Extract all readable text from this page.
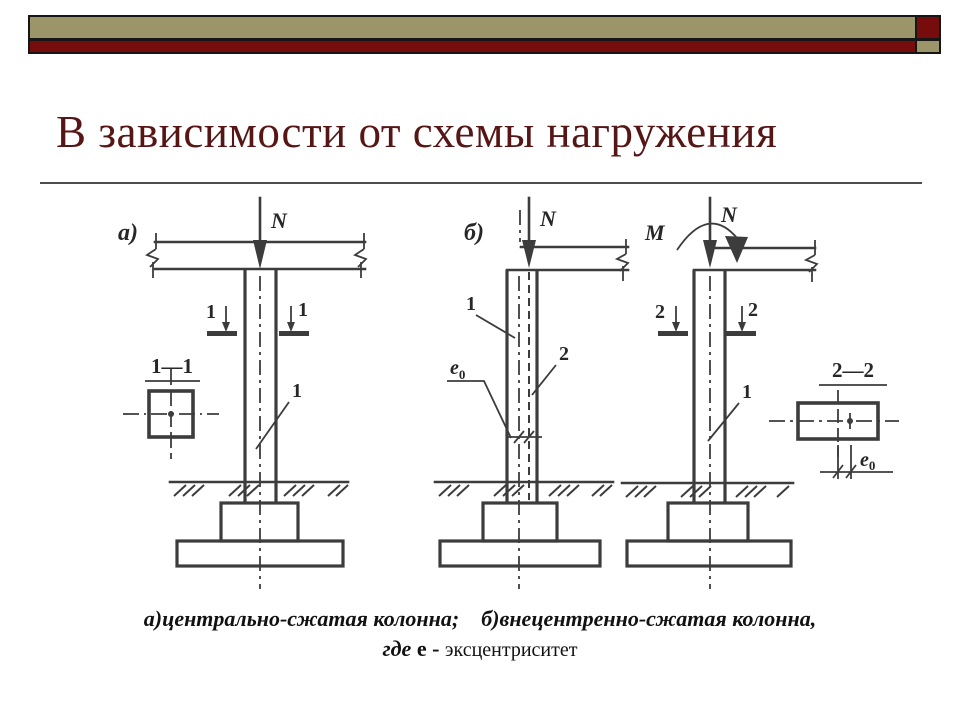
В зависимости от схемы нагружения
а)	N
1	1
1—1
1
б)
N
1
2
$e_0$
M
N
2	2
1
2—2
$e_0$
а)центрально-сжатая колонна; б)внецентренно-сжатая колонна,
где е - эксцентриситет
